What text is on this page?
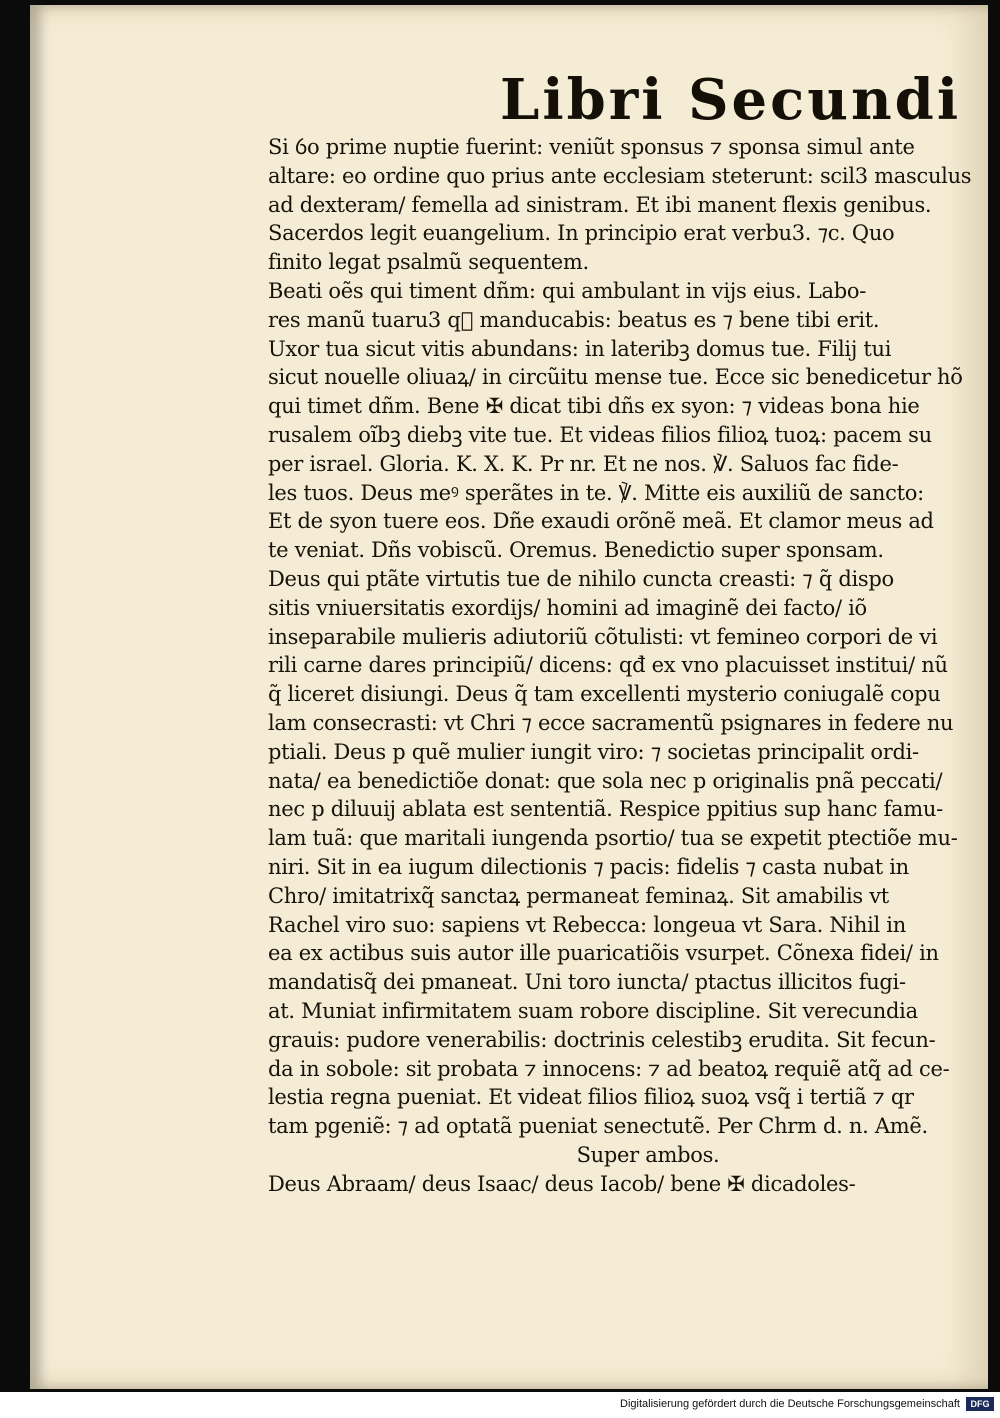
Libri Secundi
Si ỽo prime nuptie fuerint: veniũt sponsus ⁊ sponsa simul ante
altare: eo ordine quo prius ante ecclesiam steterunt: scil3 masculus
ad dexteram/ femella ad sinistram. Et ibi manent flexis genibus.
Sacerdos legit euangelium. In principio erat verbu3. ⁊c. Quo
finito legat psalmũ sequentem.
Beati oẽs qui timent dñm: qui ambulant in vijs eius. Labo-
res manũ tuaru3 q᷑ manducabis: beatus es ⁊ bene tibi erit.
Uxor tua sicut vitis abundans: in lateribꝫ domus tue. Filij tui
sicut nouelle oliuaꝝ/ in circũitu mense tue. Ecce sic benedicetur hõ
qui timet dñm. Bene ✠ dicat tibi dñs ex syon: ⁊ videas bona hie
rusalem oĩbꝫ diebꝫ vite tue. Et videas filios filioꝝ tuoꝝ: pacem su
per israel. Gloria. K. X. K. Pr nr. Et ne nos. ℣. Saluos fac fide-
les tuos. Deus meꝰ sperãtes in te. ℣. Mitte eis auxiliũ de sancto:
Et de syon tuere eos. Dñe exaudi orõnẽ meã. Et clamor meus ad
te veniat. Dñs vobiscũ. Oremus. Benedictio super sponsam.
Deus qui ptãte virtutis tue de nihilo cuncta creasti: ⁊ q̃ dispo
sitis vniuersitatis exordijs/ homini ad imaginẽ dei facto/ iõ
inseparabile mulieris adiutoriũ cõtulisti: vt femineo corpori de vi
rili carne dares principiũ/ dicens: qđ ex vno placuisset institui/ nũ
q̃ liceret disiungi. Deus q̃ tam excellenti mysterio coniugalẽ copu
lam consecrasti: vt Chri ⁊ ecce sacramentũ psignares in federe nu
ptiali. Deus p quẽ mulier iungit viro: ⁊ societas principalit ordi-
nata/ ea benedictiõe donat: que sola nec p originalis pnã peccati/
nec p diluuij ablata est sententiã. Respice ppitius sup hanc famu-
lam tuã: que maritali iungenda psortio/ tua se expetit ptectiõe mu-
niri. Sit in ea iugum dilectionis ⁊ pacis: fidelis ⁊ casta nubat in
Chro/ imitatrixq̃ sanctaꝝ permaneat feminaꝝ. Sit amabilis vt
Rachel viro suo: sapiens vt Rebecca: longeua vt Sara. Nihil in
ea ex actibus suis autor ille puaricatiõis vsurpet. Cõnexa fidei/ in
mandatisq̃ dei pmaneat. Uni toro iuncta/ ptactus illicitos fugi-
at. Muniat infirmitatem suam robore discipline. Sit verecundia
grauis: pudore venerabilis: doctrinis celestibꝫ erudita. Sit fecun-
da in sobole: sit probata ⁊ innocens: ⁊ ad beatoꝝ requiẽ atq̃ ad ce-
lestia regna pueniat. Et videat filios filioꝝ suoꝝ vsq̃ i tertiã ⁊ qr
tam pgeniẽ: ⁊ ad optatã pueniat senectutẽ. Per Chrm d. n. Amẽ.
Super ambos.
Deus Abraam/ deus Isaac/ deus Iacob/ bene ✠ dicadoles-
Digitalisierung gefördert durch die Deutsche Forschungsgemeinschaft	DFG
